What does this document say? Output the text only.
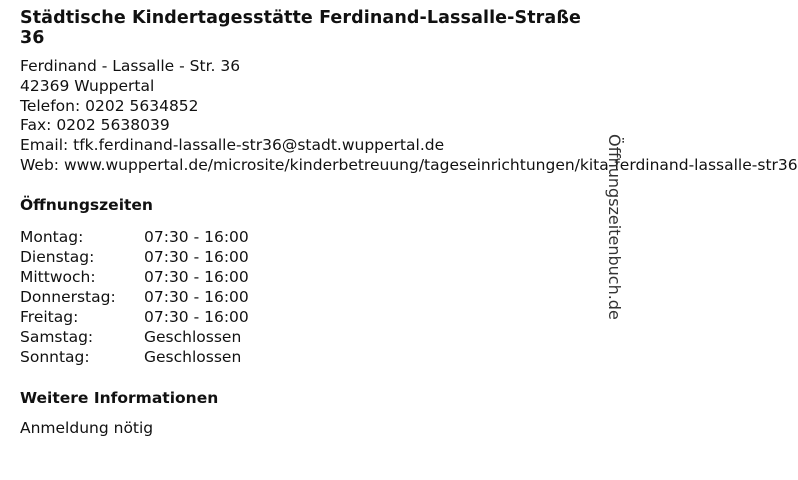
Städtische Kindertagesstätte Ferdinand-Lassalle-Straße 36
Ferdinand - Lassalle - Str. 36
42369 Wuppertal
Telefon: 0202 5634852
Fax: 0202 5638039
Email: tfk.ferdinand-lassalle-str36@stadt.wuppertal.de
Web: www.wuppertal.de/microsite/kinderbetreuung/tageseinrichtungen/kita-ferdinand-lassalle-str36
Öffnungszeiten
Montag:	07:30 - 16:00
Dienstag:	07:30 - 16:00
Mittwoch:	07:30 - 16:00
Donnerstag:	07:30 - 16:00
Freitag:	07:30 - 16:00
Samstag:	Geschlossen
Sonntag:	Geschlossen
Weitere Informationen
Anmeldung nötig
Öffnungszeitenbuch.de
